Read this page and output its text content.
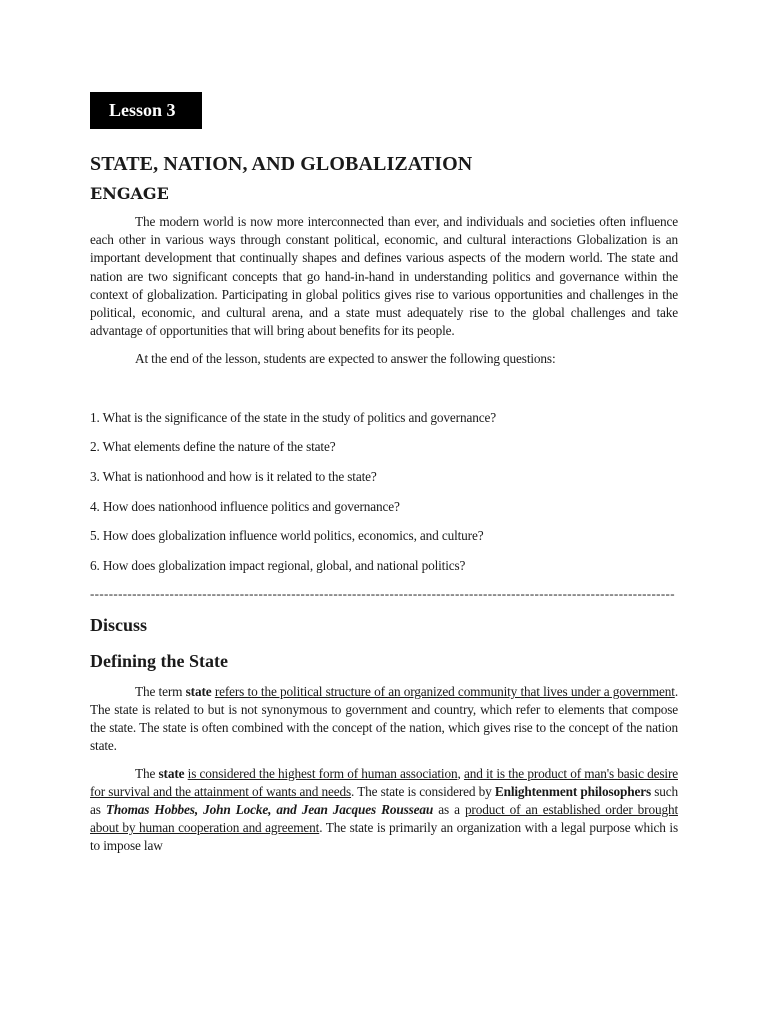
Lesson 3
STATE, NATION, AND GLOBALIZATION
ENGAGE

The modern world is now more interconnected than ever, and individuals and societies often influence each other in various ways through constant political, economic, and cultural interactions Globalization is an important development that continually shapes and defines various aspects of the modern world. The state and nation are two significant concepts that go hand-in-hand in understanding politics and governance within the context of globalization. Participating in global politics gives rise to various opportunities and challenges in the political, economic, and cultural arena, and a state must adequately rise to the global challenges and take advantage of opportunities that will bring about benefits for its people.

At the end of the lesson, students are expected to answer the following questions:

1. What is the significance of the state in the study of politics and governance?
2. What elements define the nature of the state?
3. What is nationhood and how is it related to the state?
4. How does nationhood influence politics and governance?
5. How does globalization influence world politics, economics, and culture?
6. How does globalization impact regional, global, and national politics?
-----------------------------------------------------------------------------------------------------------------------------
Discuss
Defining the State

The term state refers to the political structure of an organized community that lives under a government. The state is related to but is not synonymous to government and country, which refer to elements that compose the state. The state is often combined with the concept of the nation, which gives rise to the concept of the nation state.

The state is considered the highest form of human association, and it is the product of man's basic desire for survival and the attainment of wants and needs. The state is considered by Enlightenment philosophers such as Thomas Hobbes, John Locke, and Jean Jacques Rousseau as a product of an established order brought about by human cooperation and agreement. The state is primarily an organization with a legal purpose which is to impose law
